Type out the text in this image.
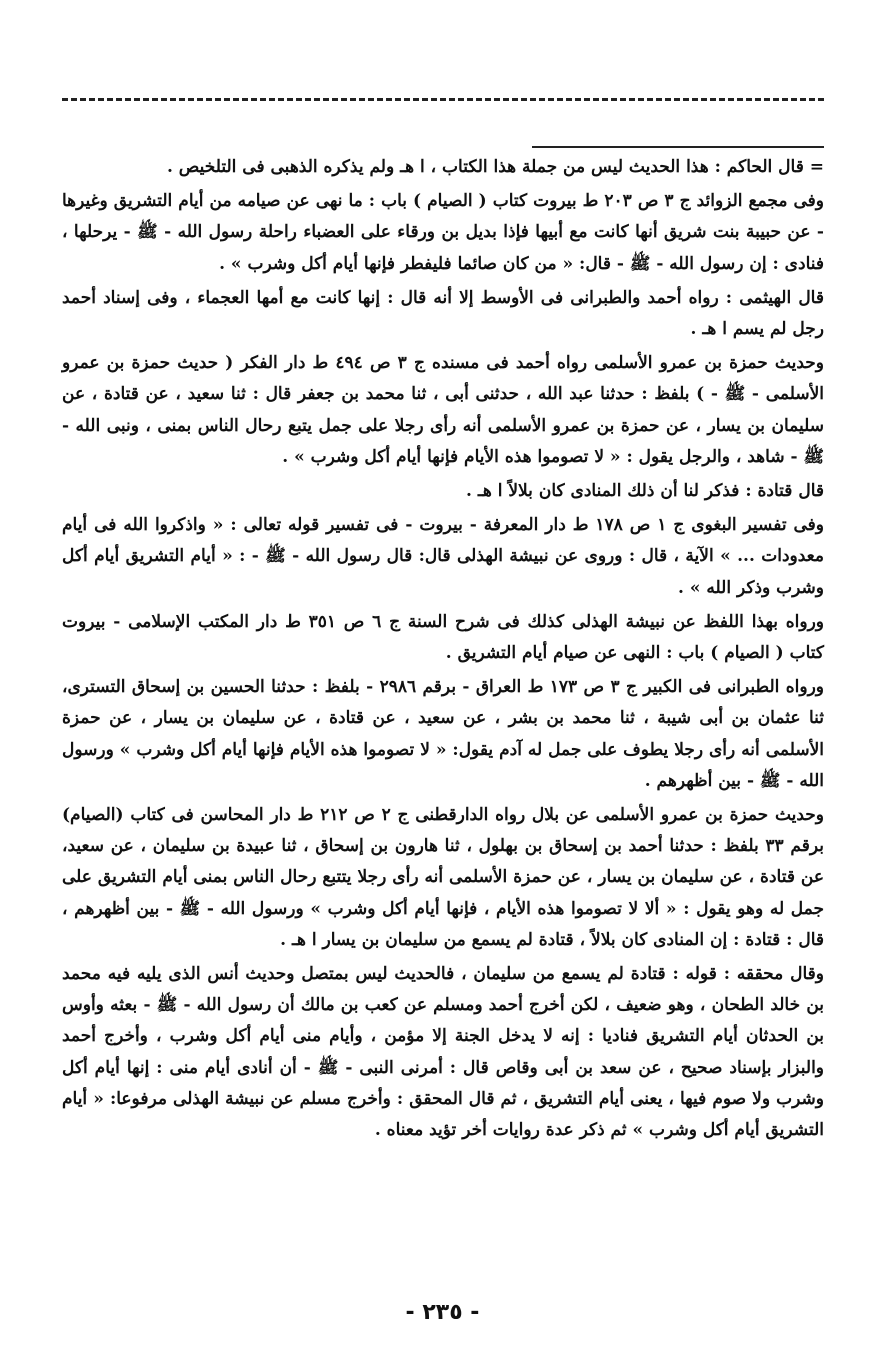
= قال الحاكم : هذا الحديث ليس من جملة هذا الكتاب ، ا هـ ولم يذكره الذهبى فى التلخيص .

وفى مجمع الزوائد ج ٣ ص ٢٠٣ ط بيروت كتاب ( الصيام ) باب : ما نهى عن صيامه من أيام التشريق وغيرها - عن حبيبة بنت شريق أنها كانت مع أبيها فإذا بديل بن ورقاء على العضباء راحلة رسول الله - ﷺ - يرحلها ، فنادى : إن رسول الله - ﷺ - قال: « من كان صائما فليفطر فإنها أيام أكل وشرب » .

قال الهيثمى : رواه أحمد والطبرانى فى الأوسط إلا أنه قال : إنها كانت مع أمها العجماء ، وفى إسناد أحمد رجل لم يسم ا هـ .

وحديث حمزة بن عمرو الأسلمى رواه أحمد فى مسنده ج ٣ ص ٤٩٤ ط دار الفكر ( حديث حمزة بن عمرو الأسلمى - ﷺ - ) بلفظ : حدثنا عبد الله ، حدثنى أبى ، ثنا محمد بن جعفر قال : ثنا سعيد ، عن قتادة ، عن سليمان بن يسار ، عن حمزة بن عمرو الأسلمى أنه رأى رجلا على جمل يتبع رحال الناس بمنى ، ونبى الله - ﷺ - شاهد ، والرجل يقول : « لا تصوموا هذه الأيام فإنها أيام أكل وشرب » .

قال قتادة : فذكر لنا أن ذلك المنادى كان بلالاً ا هـ .

وفى تفسير البغوى ج ١ ص ١٧٨ ط دار المعرفة - بيروت - فى تفسير قوله تعالى : « واذكروا الله فى أيام معدودات ... » الآية ، قال : وروى عن نبيشة الهذلى قال: قال رسول الله - ﷺ - : « أيام التشريق أيام أكل وشرب وذكر الله » .

ورواه بهذا اللفظ عن نبيشة الهذلى كذلك فى شرح السنة ج ٦ ص ٣٥١ ط دار المكتب الإسلامى - بيروت كتاب ( الصيام ) باب : النهى عن صيام أيام التشريق .

ورواه الطبرانى فى الكبير ج ٣ ص ١٧٣ ط العراق - برقم ٢٩٨٦ - بلفظ : حدثنا الحسين بن إسحاق التسترى، ثنا عثمان بن أبى شيبة ، ثنا محمد بن بشر ، عن سعيد ، عن قتادة ، عن سليمان بن يسار ، عن حمزة الأسلمى أنه رأى رجلا يطوف على جمل له آدم يقول: « لا تصوموا هذه الأيام فإنها أيام أكل وشرب » ورسول الله - ﷺ - بين أظهرهم .

وحديث حمزة بن عمرو الأسلمى عن بلال رواه الدارقطنى ج ٢ ص ٢١٢ ط دار المحاسن فى كتاب (الصيام) برقم ٣٣ بلفظ : حدثنا أحمد بن إسحاق بن بهلول ، ثنا هارون بن إسحاق ، ثنا عبيدة بن سليمان ، عن سعيد، عن قتادة ، عن سليمان بن يسار ، عن حمزة الأسلمى أنه رأى رجلا يتتبع رحال الناس بمنى أيام التشريق على جمل له وهو يقول : « ألا لا تصوموا هذه الأيام ، فإنها أيام أكل وشرب » ورسول الله - ﷺ - بين أظهرهم ، قال : قتادة : إن المنادى كان بلالاً ، قتادة لم يسمع من سليمان بن يسار ا هـ .

وقال محققه : قوله : قتادة لم يسمع من سليمان ، فالحديث ليس بمتصل وحديث أنس الذى يليه فيه محمد بن خالد الطحان ، وهو ضعيف ، لكن أخرج أحمد ومسلم عن كعب بن مالك أن رسول الله - ﷺ - بعثه وأوس بن الحدثان أيام التشريق فناديا : إنه لا يدخل الجنة إلا مؤمن ، وأيام منى أيام أكل وشرب ، وأخرج أحمد والبزار بإسناد صحيح ، عن سعد بن أبى وقاص قال : أمرنى النبى - ﷺ - أن أنادى أيام منى : إنها أيام أكل وشرب ولا صوم فيها ، يعنى أيام التشريق ، ثم قال المحقق : وأخرج مسلم عن نبيشة الهذلى مرفوعا: « أيام التشريق أيام أكل وشرب » ثم ذكر عدة روايات أخر تؤيد معناه .

- ٢٣٥ -
